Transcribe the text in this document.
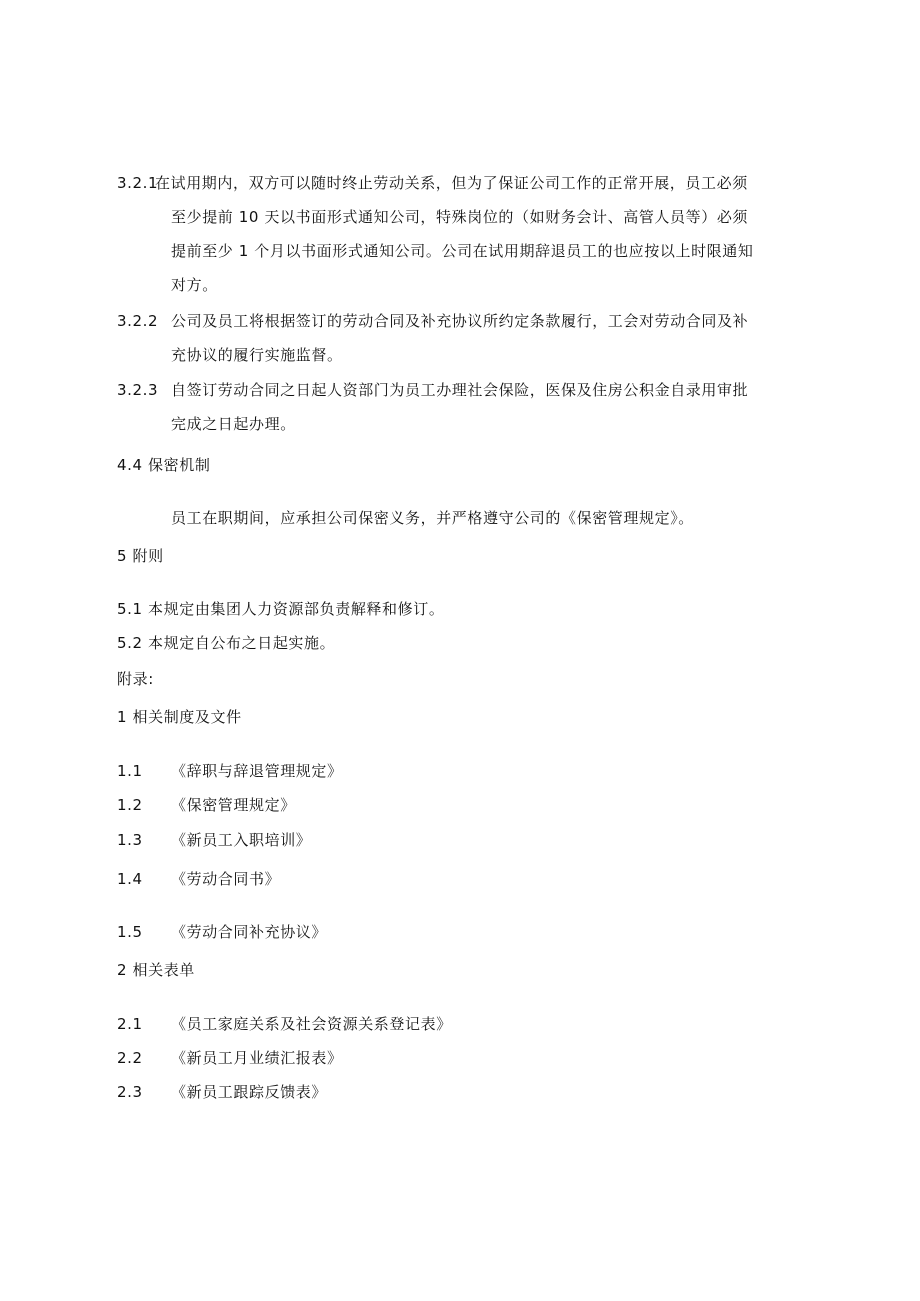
3.2.1
在试用期内，双方可以随时终止劳动关系，但为了保证公司工作的正常开展，员工必须
至少提前 10 天以书面形式通知公司，特殊岗位的（如财务会计、高管人员等）必须
提前至少 1 个月以书面形式通知公司。公司在试用期辞退员工的也应按以上时限通知
对方。
3.2.2 公司及员工将根据签订的劳动合同及补充协议所约定条款履行，工会对劳动合同及补
充协议的履行实施监督。
3.2.3 自签订劳动合同之日起人资部门为员工办理社会保险，医保及住房公积金自录用审批
完成之日起办理。
4.4 保密机制
员工在职期间，应承担公司保密义务，并严格遵守公司的《保密管理规定》。
5 附则
5.1 本规定由集团人力资源部负责解释和修订。
5.2 本规定自公布之日起实施。
附录:
1 相关制度及文件
1.1 《辞职与辞退管理规定》
1.2 《保密管理规定》
1.3 《新员工入职培训》
1.4 《劳动合同书》
1.5 《劳动合同补充协议》
2 相关表单
2.1 《员工家庭关系及社会资源关系登记表》
2.2 《新员工月业绩汇报表》
2.3 《新员工跟踪反馈表》
